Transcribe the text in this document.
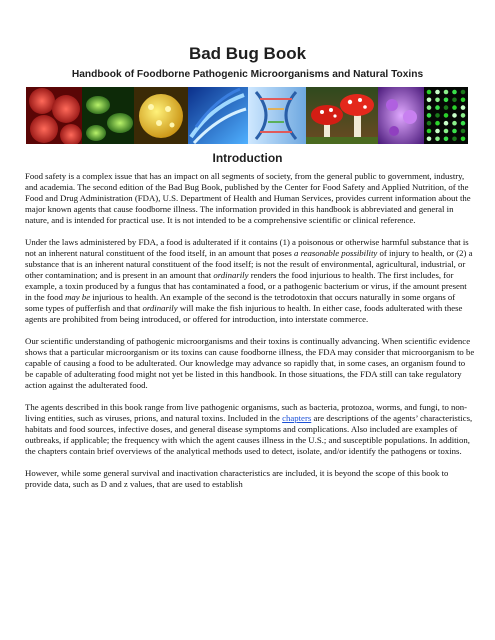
Bad Bug Book
Handbook of Foodborne Pathogenic Microorganisms and Natural Toxins
Introduction

Food safety is a complex issue that has an impact on all segments of society, from the general public to government, industry, and academia. The second edition of the Bad Bug Book, published by the Center for Food Safety and Applied Nutrition, of the Food and Drug Administration (FDA), U.S. Department of Health and Human Services, provides current information about the major known agents that cause foodborne illness. The information provided in this handbook is abbreviated and general in nature, and is intended for practical use. It is not intended to be a comprehensive scientific or clinical reference.

Under the laws administered by FDA, a food is adulterated if it contains (1) a poisonous or otherwise harmful substance that is not an inherent natural constituent of the food itself, in an amount that poses a reasonable possibility of injury to health, or (2) a substance that is an inherent natural constituent of the food itself; is not the result of environmental, agricultural, industrial, or other contamination; and is present in an amount that ordinarily renders the food injurious to health. The first includes, for example, a toxin produced by a fungus that has contaminated a food, or a pathogenic bacterium or virus, if the amount present in the food may be injurious to health. An example of the second is the tetrodotoxin that occurs naturally in some organs of some types of pufferfish and that ordinarily will make the fish injurious to health. In either case, foods adulterated with these agents are prohibited from being introduced, or offered for introduction, into interstate commerce.

Our scientific understanding of pathogenic microorganisms and their toxins is continually advancing. When scientific evidence shows that a particular microorganism or its toxins can cause foodborne illness, the FDA may consider that microorganism to be capable of causing a food to be adulterated. Our knowledge may advance so rapidly that, in some cases, an organism found to be capable of adulterating food might not yet be listed in this handbook. In those situations, the FDA still can take regulatory action against the adulterated food.

The agents described in this book range from live pathogenic organisms, such as bacteria, protozoa, worms, and fungi, to non-living entities, such as viruses, prions, and natural toxins. Included in the chapters are descriptions of the agents’ characteristics, habitats and food sources, infective doses, and general disease symptoms and complications. Also included are examples of outbreaks, if applicable; the frequency with which the agent causes illness in the U.S.; and susceptible populations. In addition, the chapters contain brief overviews of the analytical methods used to detect, isolate, and/or identify the pathogens or toxins.

However, while some general survival and inactivation characteristics are included, it is beyond the scope of this book to provide data, such as D and z values, that are used to establish
